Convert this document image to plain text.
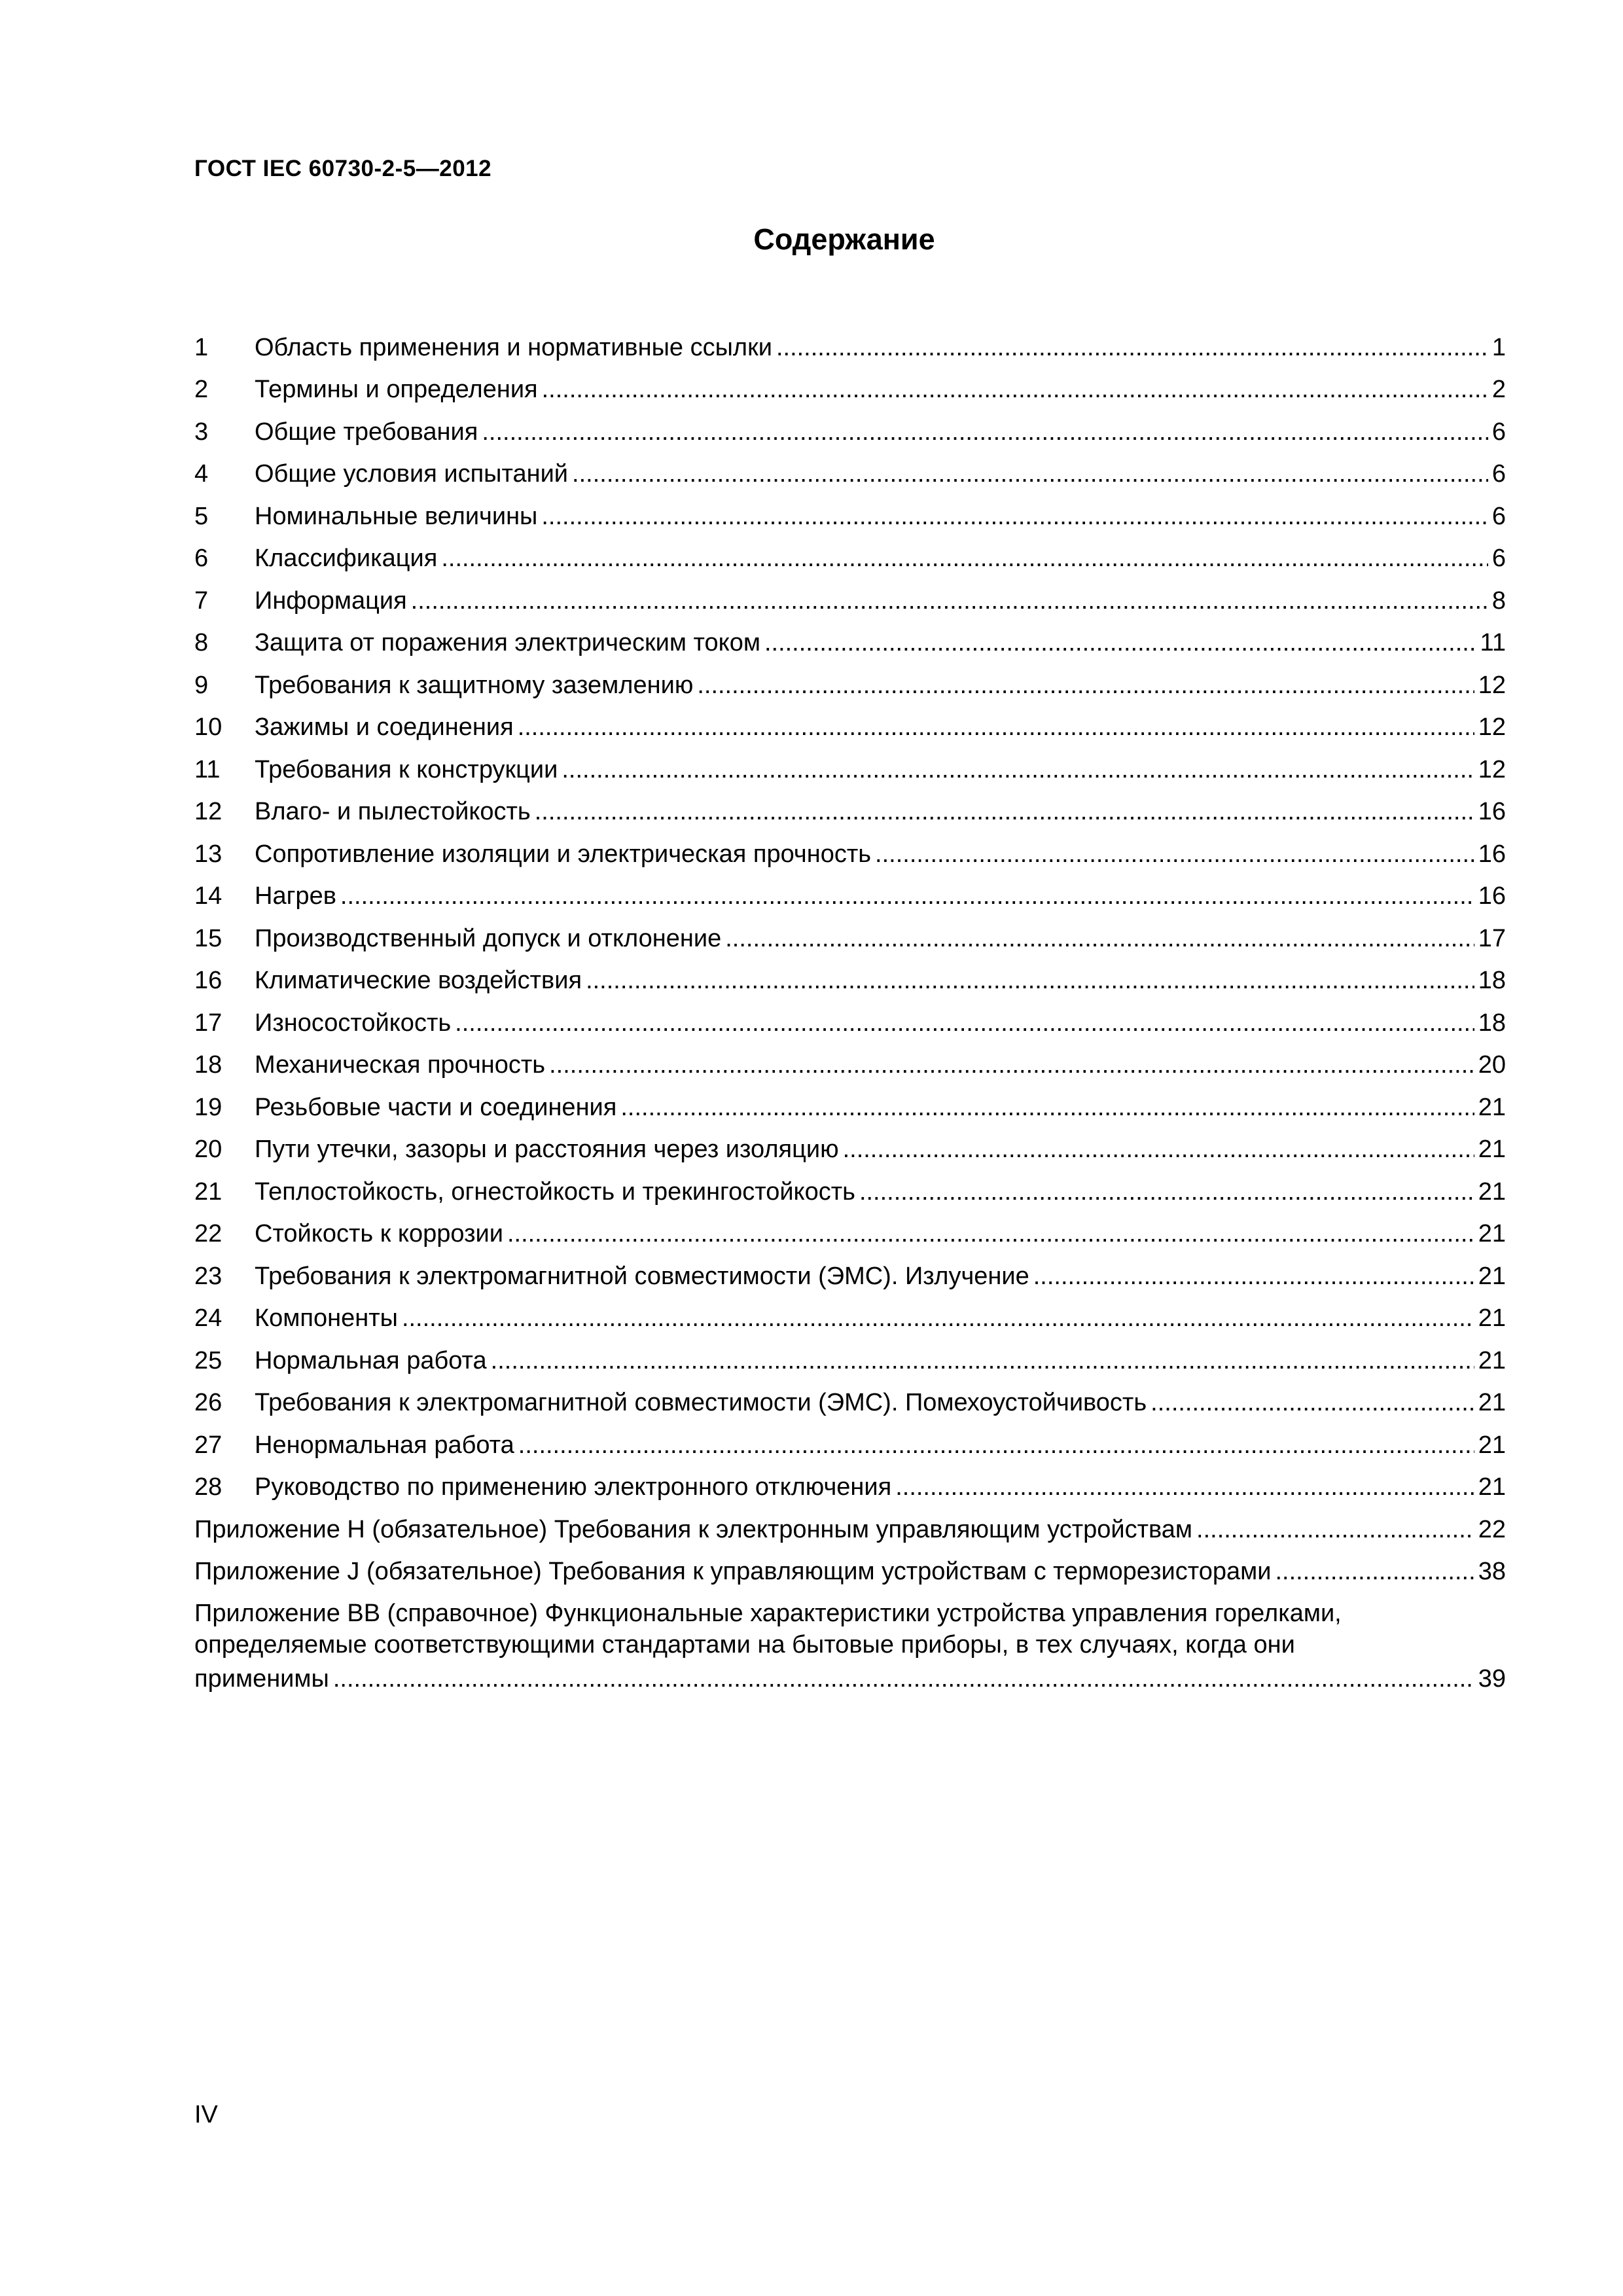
ГОСТ IEC 60730-2-5—2012
Содержание
1	Область применения и нормативные ссылки .....	1
2	Термины и определения .....	2
3	Общие требования .....	6
4	Общие условия испытаний .....	6
5	Номинальные величины .....	6
6	Классификация .....	6
7	Информация .....	8
8	Защита от поражения электрическим током .....	11
9	Требования к защитному заземлению .....	12
10	Зажимы и соединения .....	12
11	Требования к конструкции .....	12
12	Влаго- и пылестойкость .....	16
13	Сопротивление изоляции и электрическая прочность .....	16
14	Нагрев .....	16
15	Производственный допуск и отклонение .....	17
16	Климатические воздействия .....	18
17	Износостойкость .....	18
18	Механическая прочность .....	20
19	Резьбовые части и соединения .....	21
20	Пути утечки, зазоры и расстояния через изоляцию .....	21
21	Теплостойкость, огнестойкость и трекингостойкость .....	21
22	Стойкость к коррозии .....	21
23	Требования к электромагнитной совместимости (ЭМС). Излучение .....	21
24	Компоненты .....	21
25	Нормальная работа .....	21
26	Требования к электромагнитной совместимости (ЭМС). Помехоустойчивость .....	21
27	Ненормальная работа .....	21
28	Руководство по применению электронного отключения .....	21
Приложение Н (обязательное) Требования к электронным управляющим устройствам .....	22
Приложение J (обязательное) Требования к управляющим устройствам с терморезисторами .....	38
Приложение ВВ (справочное) Функциональные характеристики устройства управления горелками,
определяемые соответствующими стандартами на бытовые приборы, в тех случаях, когда они
применимы .....	39
IV
